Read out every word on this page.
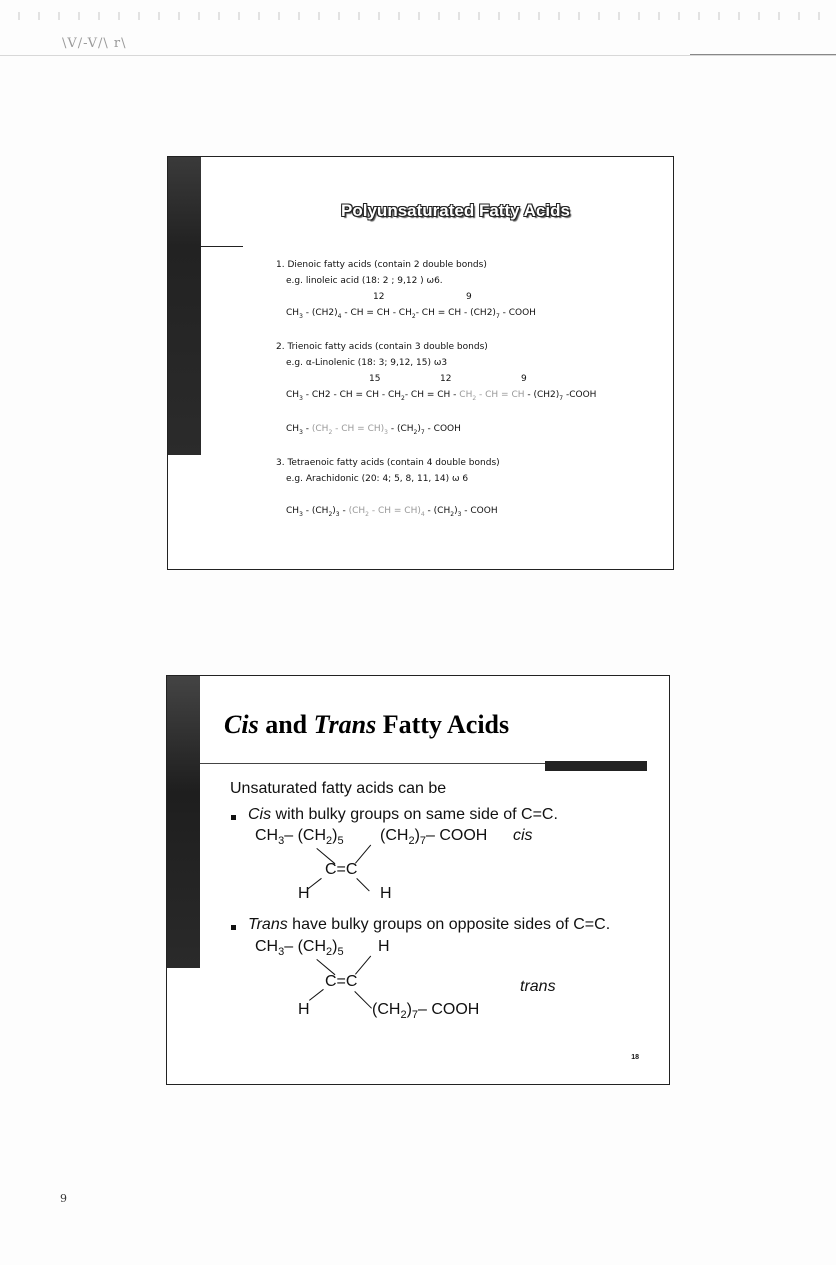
\V/-V/\ r\
Polyunsaturated Fatty Acids
1. Dienoic fatty acids (contain 2 double bonds)
e.g. linoleic acid (18: 2 ; 9,12 ) ω6.
12	9
$CH_3 - (CH2)_4$ - CH = CH - $CH_2-$ CH = CH - $(CH2)_7$ - COOH
2. Trienoic fatty acids (contain 3 double bonds)
e.g. α-Linolenic (18: 3; 9,12, 15) ω3
15	12	9
$CH_3 - CH2$ - CH = CH - $CH_2-$ CH = CH - $CH_2$ - CH = CH - $(CH2)_7$ -COOH
$CH_3 - (CH_2$ - CH = $CH)_3 - (CH_2)_7$ - COOH
3. Tetraenoic fatty acids (contain 4 double bonds)
e.g. Arachidonic (20: 4; 5, 8, 11, 14) ω 6
$CH_3 - (CH_2)_3 - (CH_2$ - CH = $CH)_4 - (CH_2)_3$ - COOH
Cis and Trans Fatty Acids
Unsaturated fatty acids can be
Cis with bulky groups on same side of C=C.
$CH_3-$ $(CH_2)_5$ $(CH_2)_7-$ COOH cis
C=C
H	H
Trans have bulky groups on opposite sides of C=C.
$CH_3-$ $(CH_2)_5$ H
C=C	trans
H	$(CH_2)_7-$ COOH
18
9
